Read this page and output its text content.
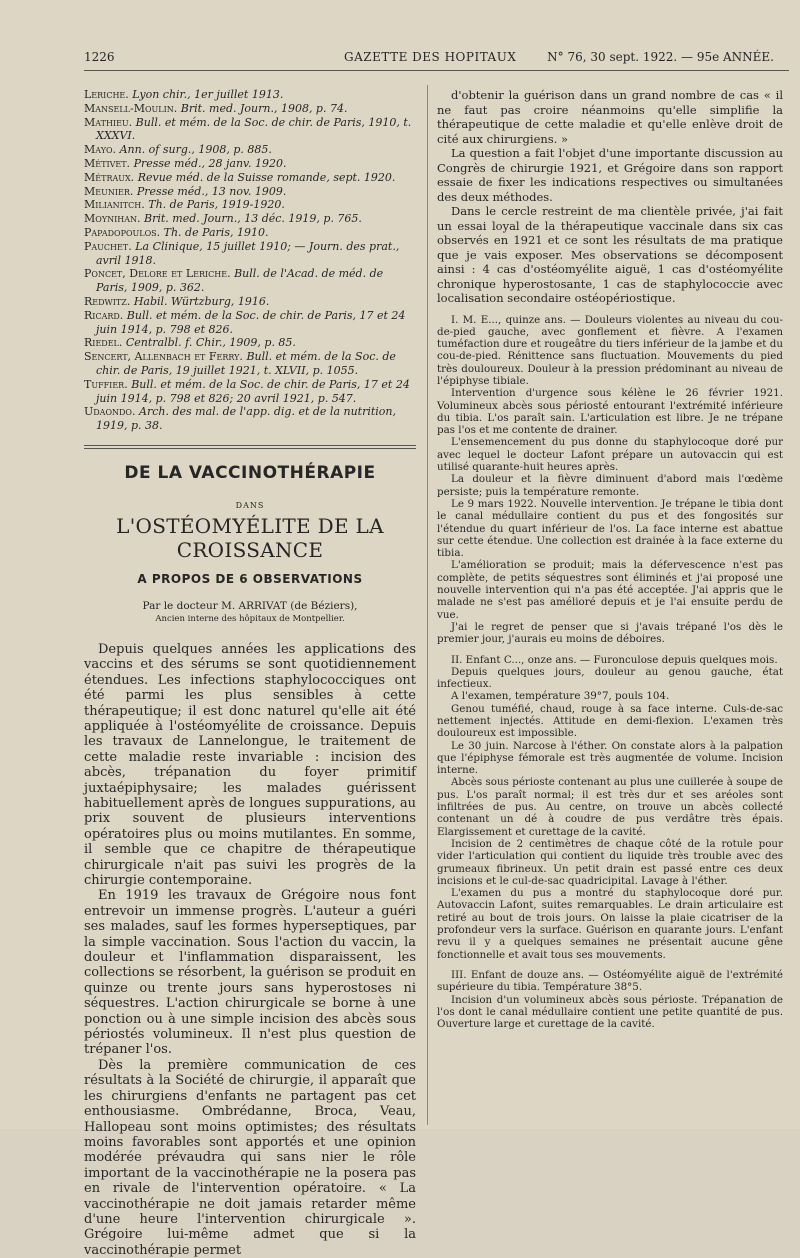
1226	GAZETTE DES HOPITAUX	N° 76, 30 sept. 1922. — 95e ANNÉE.
Leriche. Lyon chir., 1er juillet 1913.
Mansell-Moulin. Brit. med. Journ., 1908, p. 74.
Mathieu. Bull. et mém. de la Soc. de chir. de Paris, 1910, t. XXXVI.
Mayo. Ann. of surg., 1908, p. 885.
Métivet. Presse méd., 28 janv. 1920.
Métraux. Revue méd. de la Suisse romande, sept. 1920.
Meunier. Presse méd., 13 nov. 1909.
Milianitch. Th. de Paris, 1919-1920.
Moynihan. Brit. med. Journ., 13 déc. 1919, p. 765.
Papadopoulos. Th. de Paris, 1910.
Pauchet. La Clinique, 15 juillet 1910; — Journ. des prat., avril 1918.
Poncet, Delore et Leriche. Bull. de l'Acad. de méd. de Paris, 1909, p. 362.
Redwitz. Habil. Würtzburg, 1916.
Ricard. Bull. et mém. de la Soc. de chir. de Paris, 17 et 24 juin 1914, p. 798 et 826.
Riedel. Centralbl. f. Chir., 1909, p. 85.
Sencert, Allenbach et Ferry. Bull. et mém. de la Soc. de chir. de Paris, 19 juillet 1921, t. XLVII, p. 1055.
Tuffier. Bull. et mém. de la Soc. de chir. de Paris, 17 et 24 juin 1914, p. 798 et 826; 20 avril 1921, p. 547.
Udaondo. Arch. des mal. de l'app. dig. et de la nutrition, 1919, p. 38.
DE LA VACCINOTHÉRAPIE
DANS
L'OSTÉOMYÉLITE DE LA CROISSANCE
A PROPOS DE 6 OBSERVATIONS
Par le docteur M. ARRIVAT (de Béziers),
Ancien interne des hôpitaux de Montpellier.

Depuis quelques années les applications des vaccins et des sérums se sont quotidiennement étendues. Les infections staphylococciques ont été parmi les plus sensibles à cette thérapeutique; il est donc naturel qu'elle ait été appliquée à l'ostéomyélite de croissance. Depuis les travaux de Lannelongue, le traitement de cette maladie reste invariable : incision des abcès, trépanation du foyer primitif juxtaépiphysaire; les malades guérissent habituellement après de longues suppurations, au prix souvent de plusieurs interventions opératoires plus ou moins mutilantes. En somme, il semble que ce chapitre de thérapeutique chirurgicale n'ait pas suivi les progrès de la chirurgie contemporaine.

En 1919 les travaux de Grégoire nous font entrevoir un immense progrès. L'auteur a guéri ses malades, sauf les formes hyperseptiques, par la simple vaccination. Sous l'action du vaccin, la douleur et l'inflammation disparaissent, les collections se résorbent, la guérison se produit en quinze ou trente jours sans hyperostoses ni séquestres. L'action chirurgicale se borne à une ponction ou à une simple incision des abcès sous périostés volumineux. Il n'est plus question de trépaner l'os.

Dès la première communication de ces résultats à la Société de chirurgie, il apparaît que les chirurgiens d'enfants ne partagent pas cet enthousiasme. Ombrédanne, Broca, Veau, Hallopeau sont moins optimistes; des résultats moins favorables sont apportés et une opinion modérée prévaudra qui sans nier le rôle important de la vaccinothérapie ne la posera pas en rivale de l'intervention opératoire. « La vaccinothérapie ne doit jamais retarder même d'une heure l'intervention chirurgicale ». Grégoire lui-même admet que si la vaccinothérapie permet

d'obtenir la guérison dans un grand nombre de cas « il ne faut pas croire néanmoins qu'elle simplifie la thérapeutique de cette maladie et qu'elle enlève droit de cité aux chirurgiens. »

La question a fait l'objet d'une importante discussion au Congrès de chirurgie 1921, et Grégoire dans son rapport essaie de fixer les indications respectives ou simultanées des deux méthodes.

Dans le cercle restreint de ma clientèle privée, j'ai fait un essai loyal de la thérapeutique vaccinale dans six cas observés en 1921 et ce sont les résultats de ma pratique que je vais exposer. Mes observations se décomposent ainsi : 4 cas d'ostéomyélite aiguë, 1 cas d'ostéomyélite chronique hyperostosante, 1 cas de staphylococcie avec localisation secondaire ostéopériostique.

I. M. E..., quinze ans. — Douleurs violentes au niveau du cou-de-pied gauche, avec gonflement et fièvre. A l'examen tuméfaction dure et rougeâtre du tiers inférieur de la jambe et du cou-de-pied. Rénittence sans fluctuation. Mouvements du pied très douloureux. Douleur à la pression prédominant au niveau de l'épiphyse tibiale.

Intervention d'urgence sous kélène le 26 février 1921. Volumineux abcès sous périosté entourant l'extrémité inférieure du tibia. L'os paraît sain. L'articulation est libre. Je ne trépane pas l'os et me contente de drainer.

L'ensemencement du pus donne du staphylocoque doré pur avec lequel le docteur Lafont prépare un autovaccin qui est utilisé quarante-huit heures après.

La douleur et la fièvre diminuent d'abord mais l'œdème persiste; puis la température remonte.

Le 9 mars 1922. Nouvelle intervention. Je trépane le tibia dont le canal médullaire contient du pus et des fongosités sur l'étendue du quart inférieur de l'os. La face interne est abattue sur cette étendue. Une collection est drainée à la face externe du tibia.

L'amélioration se produit; mais la défervescence n'est pas complète, de petits séquestres sont éliminés et j'ai proposé une nouvelle intervention qui n'a pas été acceptée. J'ai appris que le malade ne s'est pas amélioré depuis et je l'ai ensuite perdu de vue.

J'ai le regret de penser que si j'avais trépané l'os dès le premier jour, j'aurais eu moins de déboires.

II. Enfant C..., onze ans. — Furonculose depuis quelques mois.

Depuis quelques jours, douleur au genou gauche, état infectieux.

A l'examen, température 39°7, pouls 104.

Genou tuméfié, chaud, rouge à sa face interne. Culs-de-sac nettement injectés. Attitude en demi-flexion. L'examen très douloureux est impossible.

Le 30 juin. Narcose à l'éther. On constate alors à la palpation que l'épiphyse fémorale est très augmentée de volume. Incision interne.

Abcès sous périoste contenant au plus une cuillerée à soupe de pus. L'os paraît normal; il est très dur et ses aréoles sont infiltrées de pus. Au centre, on trouve un abcès collecté contenant un dé à coudre de pus verdâtre très épais. Elargissement et curettage de la cavité.

Incision de 2 centimètres de chaque côté de la rotule pour vider l'articulation qui contient du liquide très trouble avec des grumeaux fibrineux. Un petit drain est passé entre ces deux incisions et le cul-de-sac quadricipital. Lavage à l'éther.

L'examen du pus a montré du staphylocoque doré pur. Autovaccin Lafont, suites remarquables. Le drain articulaire est retiré au bout de trois jours. On laisse la plaie cicatriser de la profondeur vers la surface. Guérison en quarante jours. L'enfant revu il y a quelques semaines ne présentait aucune gêne fonctionnelle et avait tous ses mouvements.

III. Enfant de douze ans. — Ostéomyélite aiguë de l'extrémité supérieure du tibia. Température 38°5.

Incision d'un volumineux abcès sous périoste. Trépanation de l'os dont le canal médullaire contient une petite quantité de pus. Ouverture large et curettage de la cavité.
